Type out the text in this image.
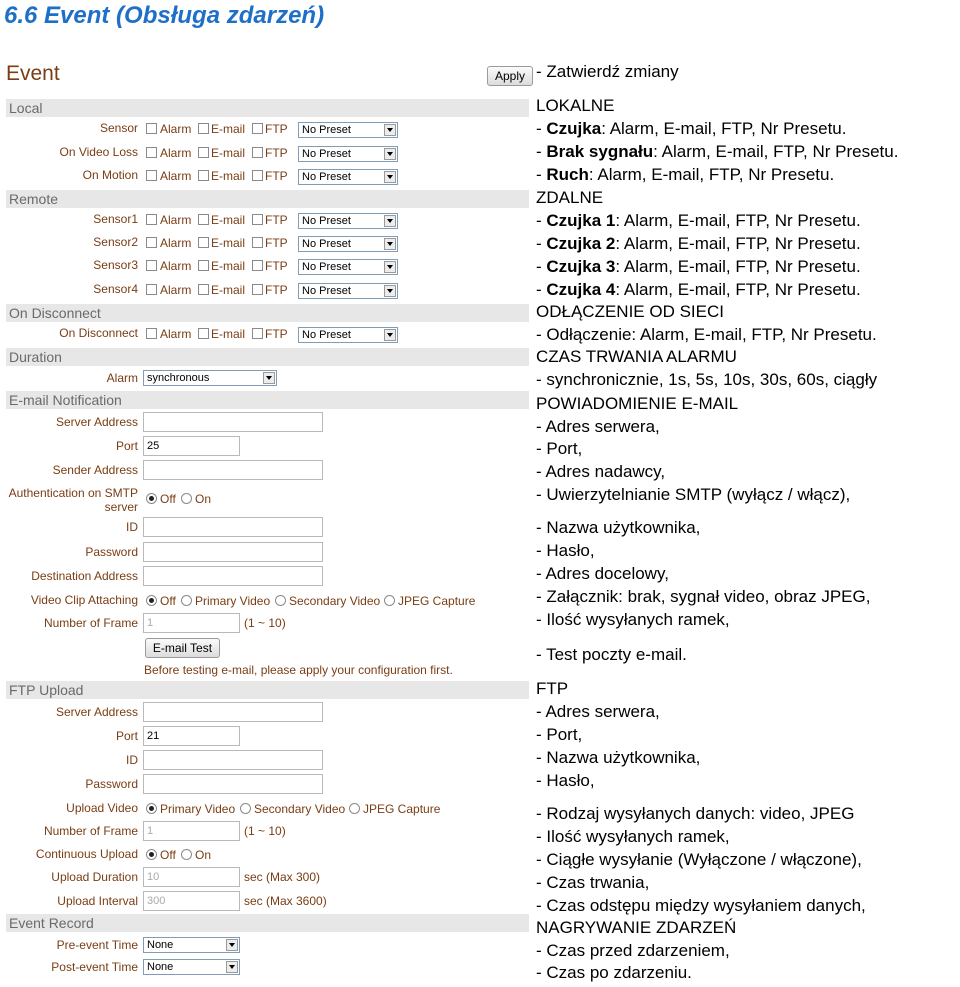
6.6 Event (Obsługa zdarzeń)
Event	Apply - Zatwierdź zmiany
Local
Sensor Alarm E-mail FTP	No Preset
On Video Loss Alarm E-mail FTP	No Preset
On Motion Alarm E-mail FTP	No Preset
Remote
Sensor1 Alarm E-mail FTP	No Preset
Sensor2 Alarm E-mail FTP	No Preset
Sensor3 Alarm E-mail FTP	No Preset
Sensor4 Alarm E-mail FTP	No Preset
On Disconnect
On Disconnect Alarm E-mail FTP	No Preset
Duration
Alarm synchronous
E-mail Notification
Server Address
Port 25
Sender Address
Authentication on SMTP server
Off On
ID
Password
Destination Address
Video Clip Attaching Off Primary Video Secondary Video JPEG Capture
Number of Frame 1	(1 ~ 10)
E-mail Test
Before testing e-mail, please apply your configuration first.
FTP Upload
Server Address
Port 21
ID
Password
Upload Video Primary Video Secondary Video JPEG Capture
Number of Frame 1	(1 ~ 10)
Continuous Upload Off On
Upload Duration 10	sec (Max 300)
Upload Interval 300	sec (Max 3600)
Event Record
Pre-event Time None
Post-event Time None
LOKALNE
- Czujka: Alarm, E-mail, FTP, Nr Presetu.
- Brak sygnału: Alarm, E-mail, FTP, Nr Presetu.
- Ruch: Alarm, E-mail, FTP, Nr Presetu.
ZDALNE
- Czujka 1: Alarm, E-mail, FTP, Nr Presetu.
- Czujka 2: Alarm, E-mail, FTP, Nr Presetu.
- Czujka 3: Alarm, E-mail, FTP, Nr Presetu.
- Czujka 4: Alarm, E-mail, FTP, Nr Presetu.
ODŁĄCZENIE OD SIECI
- Odłączenie: Alarm, E-mail, FTP, Nr Presetu.
CZAS TRWANIA ALARMU
- synchronicznie, 1s, 5s, 10s, 30s, 60s, ciągły
POWIADOMIENIE E-MAIL
- Adres serwera,
- Port,
- Adres nadawcy,
- Uwierzytelnianie SMTP (wyłącz / włącz),
- Nazwa użytkownika,
- Hasło,
- Adres docelowy,
- Załącznik: brak, sygnał video, obraz JPEG,
- Ilość wysyłanych ramek,
- Test poczty e-mail.
FTP
- Adres serwera,
- Port,
- Nazwa użytkownika,
- Hasło,
- Rodzaj wysyłanych danych: video, JPEG
- Ilość wysyłanych ramek,
- Ciągłe wysyłanie (Wyłączone / włączone),
- Czas trwania,
- Czas odstępu między wysyłaniem danych,
NAGRYWANIE ZDARZEŃ
- Czas przed zdarzeniem,
- Czas po zdarzeniu.
